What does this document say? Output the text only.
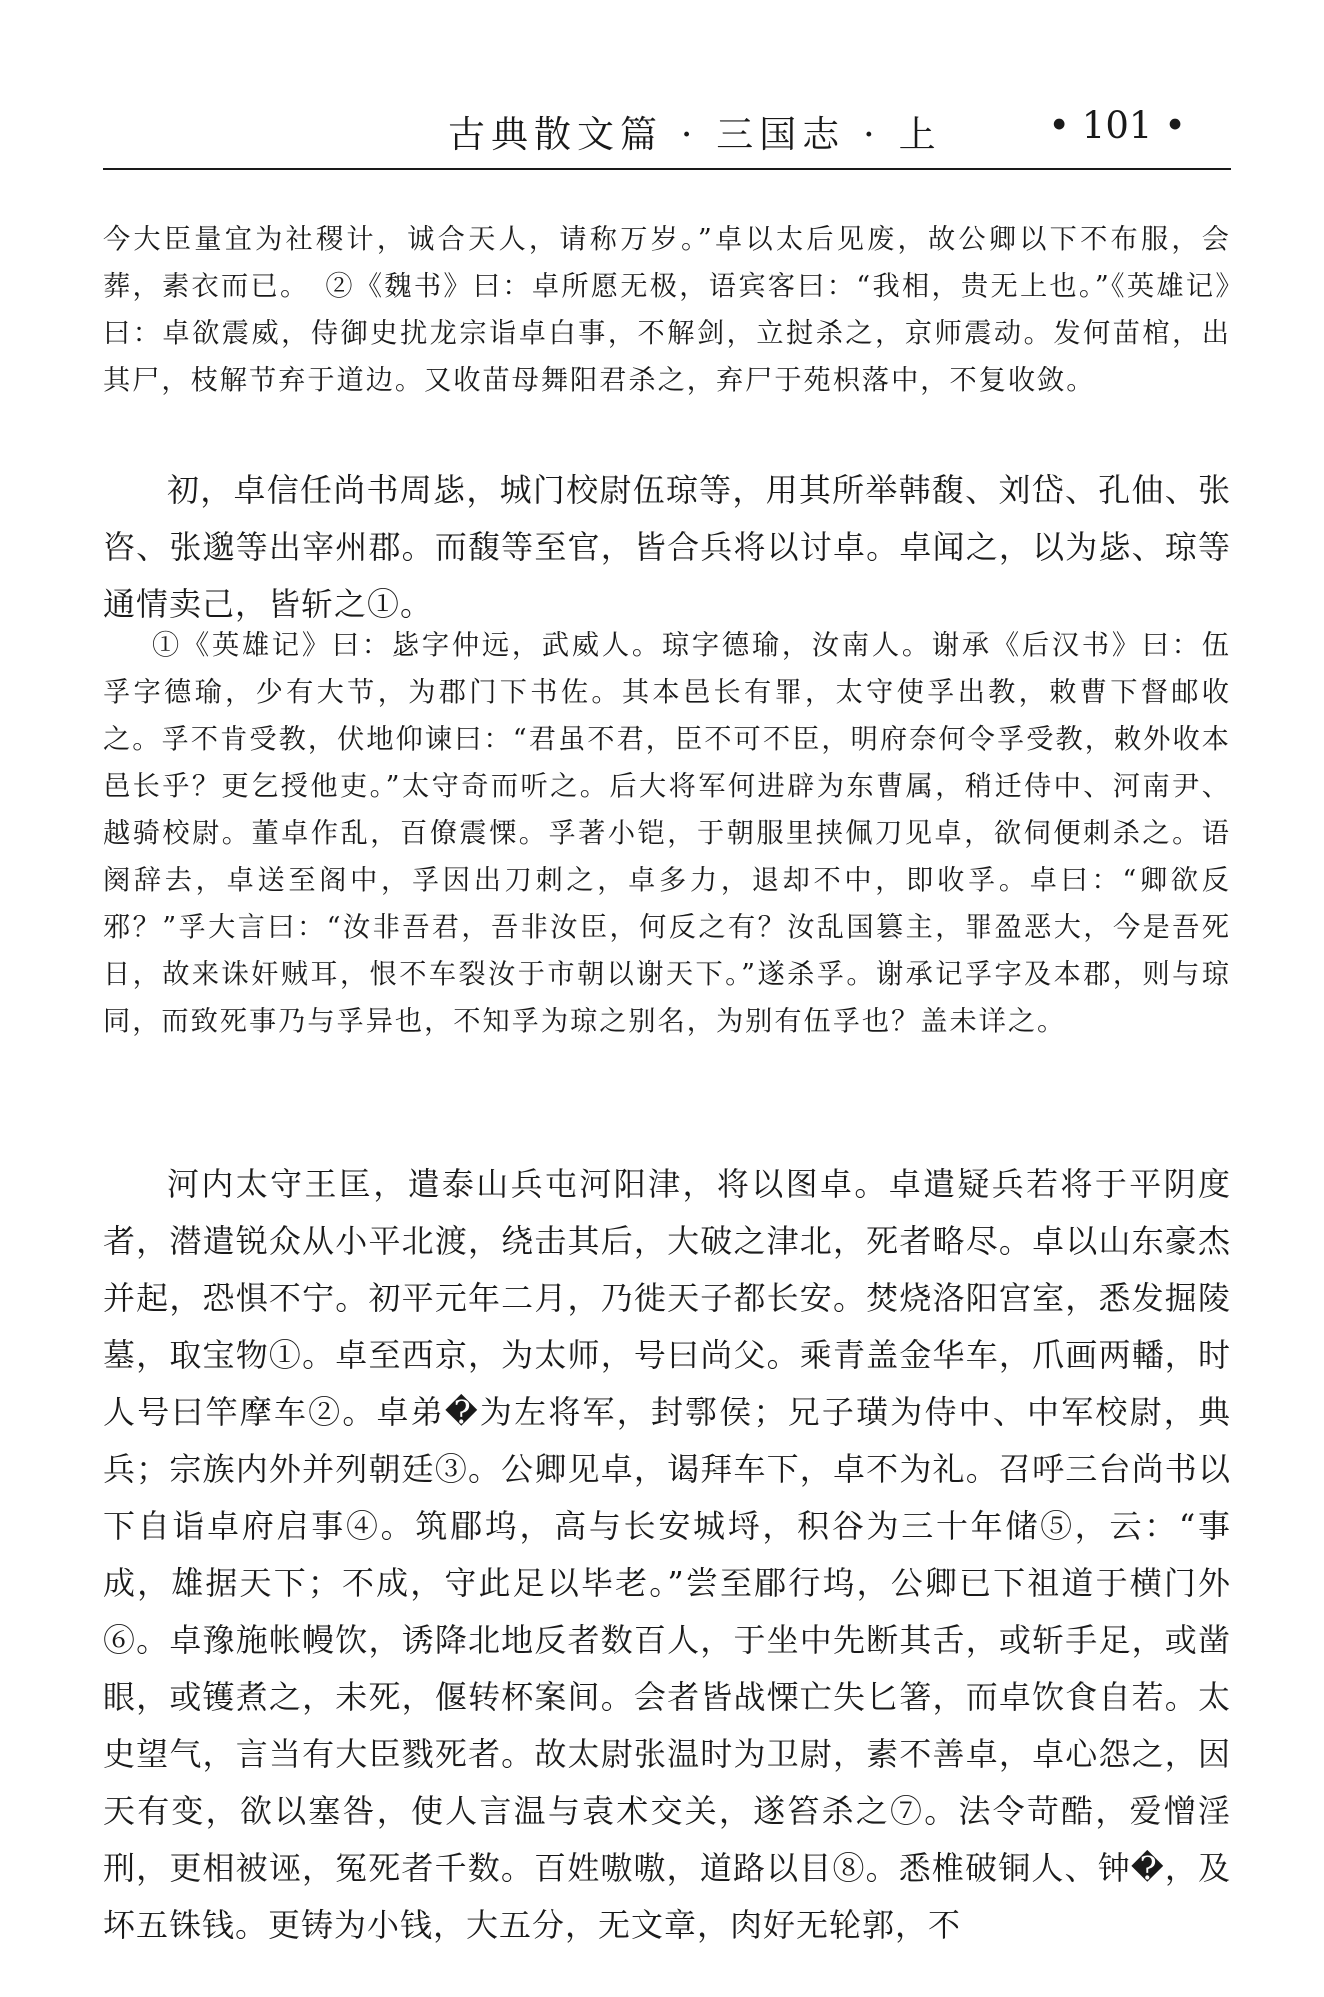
古典散文篇 · 三国志 · 上	• 101 •

今大臣量宜为社稷计，诚合天人，请称万岁。”卓以太后见废，故公卿以下不布服，会葬，素衣而已。　②《魏书》曰：卓所愿无极，语宾客曰：“我相，贵无上也。”《英雄记》曰：卓欲震威，侍御史扰龙宗诣卓白事，不解剑，立挝杀之，京师震动。发何苗棺，出其尸，枝解节弃于道边。又收苗母舞阳君杀之，弃尸于苑枳落中，不复收敛。

初，卓信任尚书周毖，城门校尉伍琼等，用其所举韩馥、刘岱、孔伷、张咨、张邈等出宰州郡。而馥等至官，皆合兵将以讨卓。卓闻之，以为毖、琼等通情卖己，皆斩之①。

①《英雄记》曰：毖字仲远，武威人。琼字德瑜，汝南人。谢承《后汉书》曰：伍孚字德瑜，少有大节，为郡门下书佐。其本邑长有罪，太守使孚出教，敕曹下督邮收之。孚不肯受教，伏地仰谏曰：“君虽不君，臣不可不臣，明府奈何令孚受教，敕外收本邑长乎？更乞授他吏。”太守奇而听之。后大将军何进辟为东曹属，稍迁侍中、河南尹、越骑校尉。董卓作乱，百僚震慄。孚著小铠，于朝服里挟佩刀见卓，欲伺便刺杀之。语阕辞去，卓送至阁中，孚因出刀刺之，卓多力，退却不中，即收孚。卓曰：“卿欲反邪？”孚大言曰：“汝非吾君，吾非汝臣，何反之有？汝乱国篡主，罪盈恶大，今是吾死日，故来诛奸贼耳，恨不车裂汝于市朝以谢天下。”遂杀孚。谢承记孚字及本郡，则与琼同，而致死事乃与孚异也，不知孚为琼之别名，为别有伍孚也？盖未详之。

河内太守王匡，遣泰山兵屯河阳津，将以图卓。卓遣疑兵若将于平阴度者，潜遣锐众从小平北渡，绕击其后，大破之津北，死者略尽。卓以山东豪杰并起，恐惧不宁。初平元年二月，乃徙天子都长安。焚烧洛阳宫室，悉发掘陵墓，取宝物①。卓至西京，为太师，号曰尚父。乘青盖金华车，爪画两轓，时人号曰竿摩车②。卓弟�为左将军，封鄠侯；兄子璜为侍中、中军校尉，典兵；宗族内外并列朝廷③。公卿见卓，谒拜车下，卓不为礼。召呼三台尚书以下自诣卓府启事④。筑郿坞，高与长安城埒，积谷为三十年储⑤，云：“事成，雄据天下；不成，守此足以毕老。”尝至郿行坞，公卿已下祖道于横门外⑥。卓豫施帐幔饮，诱降北地反者数百人，于坐中先断其舌，或斩手足，或凿眼，或镬煮之，未死，偃转杯案间。会者皆战慄亡失匕箸，而卓饮食自若。太史望气，言当有大臣戮死者。故太尉张温时为卫尉，素不善卓，卓心怨之，因天有变，欲以塞咎，使人言温与袁术交关，遂笞杀之⑦。法令苛酷，爱憎淫刑，更相被诬，冤死者千数。百姓嗷嗷，道路以目⑧。悉椎破铜人、钟�，及坏五铢钱。更铸为小钱，大五分，无文章，肉好无轮郭，不
